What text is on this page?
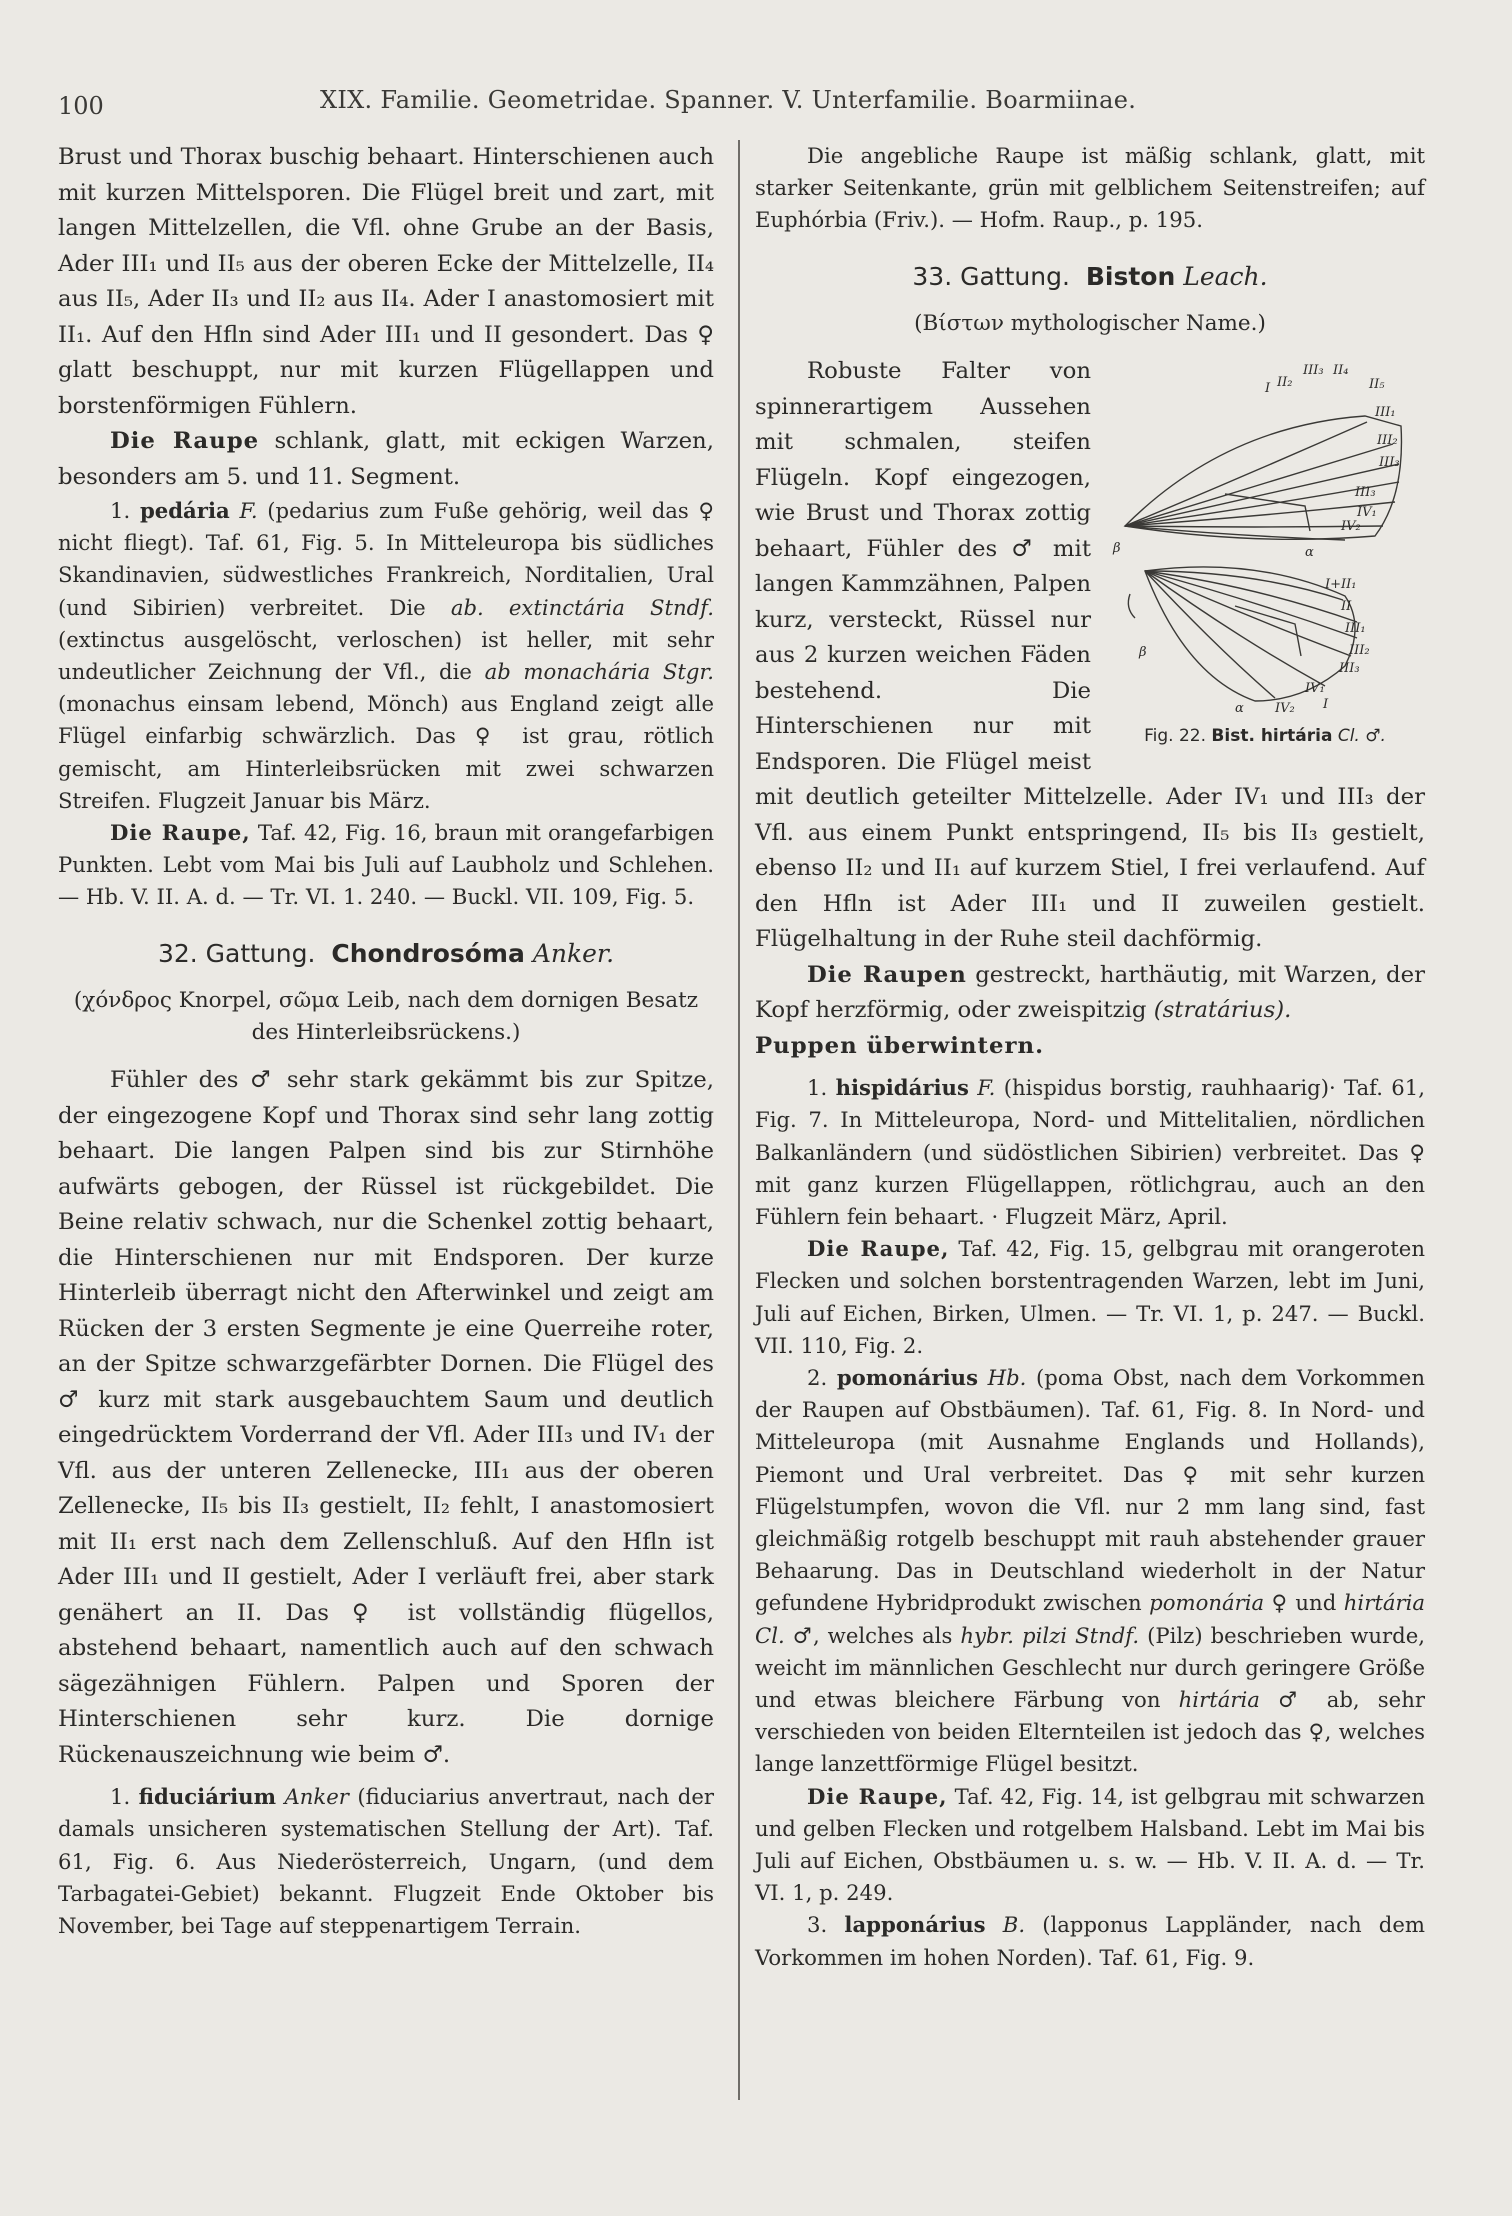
100	XIX. Familie. Geometridae. Spanner. V. Unterfamilie. Boarmiinae.

Brust und Thorax buschig behaart. Hinterschienen auch mit kurzen Mittelsporen. Die Flügel breit und zart, mit langen Mittelzellen, die Vfl. ohne Grube an der Basis, Ader III₁ und II₅ aus der oberen Ecke der Mittelzelle, II₄ aus II₅, Ader II₃ und II₂ aus II₄. Ader I anastomosiert mit II₁. Auf den Hfln sind Ader III₁ und II gesondert. Das ♀ glatt beschuppt, nur mit kurzen Flügellappen und borstenförmigen Fühlern.

Die Raupe schlank, glatt, mit eckigen Warzen, besonders am 5. und 11. Segment.

1. pedária F. (pedarius zum Fuße gehörig, weil das ♀ nicht fliegt). Taf. 61, Fig. 5. In Mitteleuropa bis südliches Skandinavien, südwestliches Frankreich, Norditalien, Ural (und Sibirien) verbreitet. Die ab. extinctária Stndf. (extinctus ausgelöscht, verloschen) ist heller, mit sehr undeutlicher Zeichnung der Vfl., die ab monachária Stgr. (monachus einsam lebend, Mönch) aus England zeigt alle Flügel einfarbig schwärzlich. Das ♀ ist grau, rötlich gemischt, am Hinterleibsrücken mit zwei schwarzen Streifen. Flugzeit Januar bis März.

Die Raupe, Taf. 42, Fig. 16, braun mit orangefarbigen Punkten. Lebt vom Mai bis Juli auf Laubholz und Schlehen. — Hb. V. II. A. d. — Tr. VI. 1. 240. — Buckl. VII. 109, Fig. 5.

32. Gattung. Chondrosóma Anker.
(χόνδρος Knorpel, σῶμα Leib, nach dem dornigen Besatz des Hinterleibsrückens.)

Fühler des ♂ sehr stark gekämmt bis zur Spitze, der eingezogene Kopf und Thorax sind sehr lang zottig behaart. Die langen Palpen sind bis zur Stirnhöhe aufwärts gebogen, der Rüssel ist rückgebildet. Die Beine relativ schwach, nur die Schenkel zottig behaart, die Hinterschienen nur mit Endsporen. Der kurze Hinterleib überragt nicht den Afterwinkel und zeigt am Rücken der 3 ersten Segmente je eine Querreihe roter, an der Spitze schwarzgefärbter Dornen. Die Flügel des ♂ kurz mit stark ausgebauchtem Saum und deutlich eingedrücktem Vorderrand der Vfl. Ader III₃ und IV₁ der Vfl. aus der unteren Zellenecke, III₁ aus der oberen Zellenecke, II₅ bis II₃ gestielt, II₂ fehlt, I anastomosiert mit II₁ erst nach dem Zellenschluß. Auf den Hfln ist Ader III₁ und II gestielt, Ader I verläuft frei, aber stark genähert an II. Das ♀ ist vollständig flügellos, abstehend behaart, namentlich auch auf den schwach sägezähnigen Fühlern. Palpen und Sporen der Hinterschienen sehr kurz. Die dornige Rückenauszeichnung wie beim ♂.

1. fiduciárium Anker (fiduciarius anvertraut, nach der damals unsicheren systematischen Stellung der Art). Taf. 61, Fig. 6. Aus Niederösterreich, Ungarn, (und dem Tarbagatei-Gebiet) bekannt. Flugzeit Ende Oktober bis November, bei Tage auf steppenartigem Terrain.

Die angebliche Raupe ist mäßig schlank, glatt, mit starker Seitenkante, grün mit gelblichem Seitenstreifen; auf Euphórbia (Friv.). — Hofm. Raup., p. 195.

33. Gattung. Biston Leach.
(Βίστων mythologischer Name.)
II₂
III₃ II₄
II₅
III₁
III₂
III₃
III₃
I
IV₁
IV₂
α
β
I+II₁
II
III₁
III₂
III₃
IV₁
IV₂
α
β
I
Fig. 22. Bist. hirtária Cl. ♂.

Robuste Falter von spinnerartigem Aussehen mit schmalen, steifen Flügeln. Kopf eingezogen, wie Brust und Thorax zottig behaart, Fühler des ♂ mit langen Kammzähnen, Palpen kurz, versteckt, Rüssel nur aus 2 kurzen weichen Fäden bestehend. Die Hinterschienen nur mit Endsporen. Die Flügel meist mit deutlich geteilter Mittelzelle. Ader IV₁ und III₃ der Vfl. aus einem Punkt entspringend, II₅ bis II₃ gestielt, ebenso II₂ und II₁ auf kurzem Stiel, I frei verlaufend. Auf den Hfln ist Ader III₁ und II zuweilen gestielt. Flügelhaltung in der Ruhe steil dachförmig.

Die Raupen gestreckt, harthäutig, mit Warzen, der Kopf herzförmig, oder zweispitzig (stratárius).
Puppen überwintern.

1. hispidárius F. (hispidus borstig, rauhhaarig)· Taf. 61, Fig. 7. In Mitteleuropa, Nord- und Mittelitalien, nördlichen Balkanländern (und südöstlichen Sibirien) verbreitet. Das ♀ mit ganz kurzen Flügellappen, rötlichgrau, auch an den Fühlern fein behaart. · Flugzeit März, April.

Die Raupe, Taf. 42, Fig. 15, gelbgrau mit orangeroten Flecken und solchen borstentragenden Warzen, lebt im Juni, Juli auf Eichen, Birken, Ulmen. — Tr. VI. 1, p. 247. — Buckl. VII. 110, Fig. 2.

2. pomonárius Hb. (poma Obst, nach dem Vorkommen der Raupen auf Obstbäumen). Taf. 61, Fig. 8. In Nord- und Mitteleuropa (mit Ausnahme Englands und Hollands), Piemont und Ural verbreitet. Das ♀ mit sehr kurzen Flügelstumpfen, wovon die Vfl. nur 2 mm lang sind, fast gleichmäßig rotgelb beschuppt mit rauh abstehender grauer Behaarung. Das in Deutschland wiederholt in der Natur gefundene Hybridprodukt zwischen pomonária ♀ und hirtária Cl. ♂, welches als hybr. pilzi Stndf. (Pilz) beschrieben wurde, weicht im männlichen Geschlecht nur durch geringere Größe und etwas bleichere Färbung von hirtária ♂ ab, sehr verschieden von beiden Elternteilen ist jedoch das ♀, welches lange lanzettförmige Flügel besitzt.

Die Raupe, Taf. 42, Fig. 14, ist gelbgrau mit schwarzen und gelben Flecken und rotgelbem Halsband. Lebt im Mai bis Juli auf Eichen, Obstbäumen u. s. w. — Hb. V. II. A. d. — Tr. VI. 1, p. 249.

3. lapponárius B. (lapponus Lappländer, nach dem Vorkommen im hohen Norden). Taf. 61, Fig. 9.
